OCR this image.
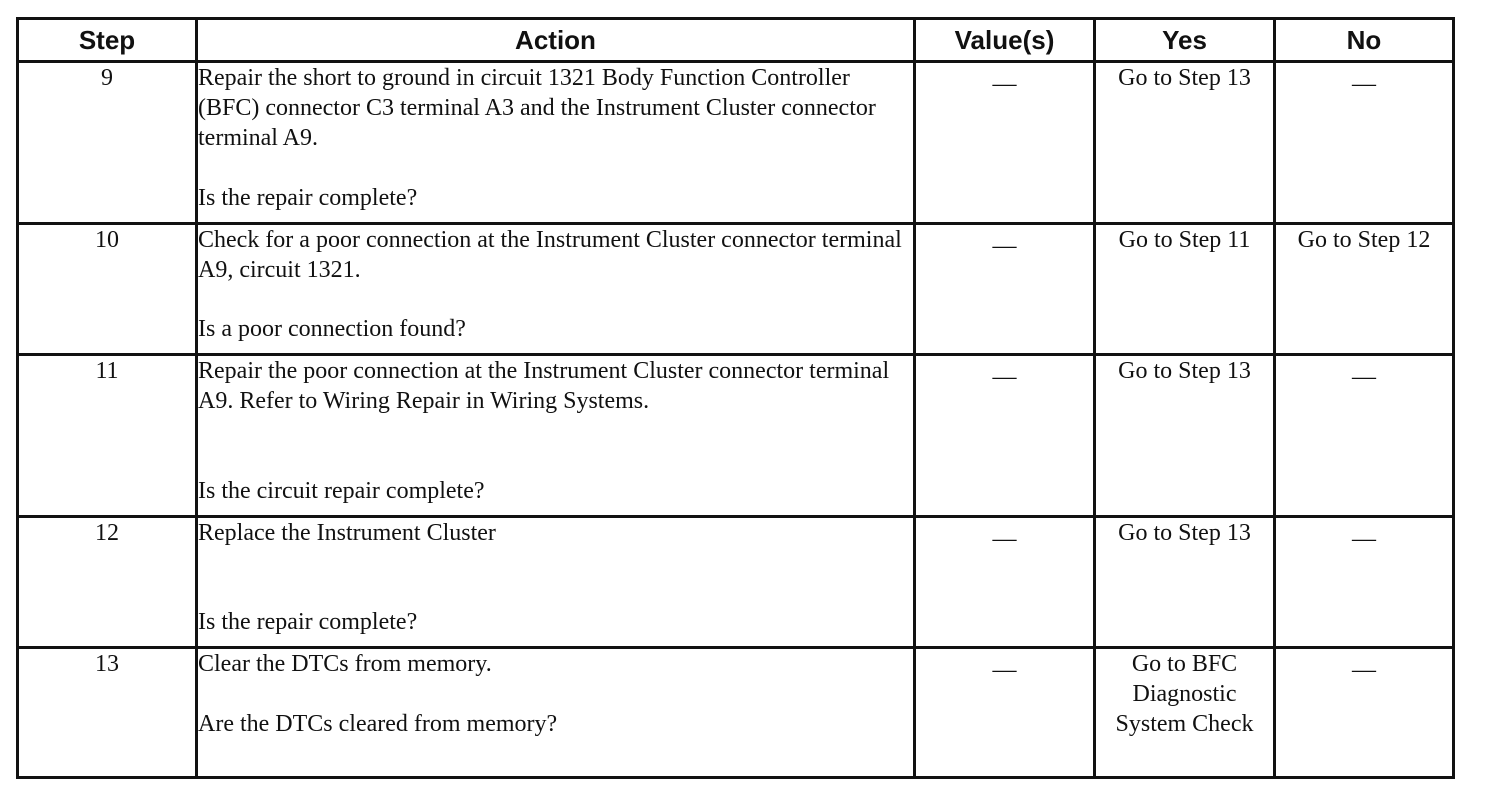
Step	Action	Value(s)	Yes	No
9	Repair the short to ground in circuit 1321 Body Function Controller (BFC) connector C3 terminal A3 and the Instrument Cluster connector terminal A9.
Is the repair complete?	—	Go to Step 13	—
10	Check for a poor connection at the Instrument Cluster connector terminal A9, circuit 1321.
Is a poor connection found?	—	Go to Step 11	Go to Step 12
11	Repair the poor connection at the Instrument Cluster connector terminal A9. Refer to Wiring Repair in Wiring Systems.
Is the circuit repair complete?	—	Go to Step 13	—
12	Replace the Instrument Cluster
Is the repair complete?	—	Go to Step 13	—
13	Clear the DTCs from memory.
Are the DTCs cleared from memory?	—	Go to BFC Diagnostic System Check	—
